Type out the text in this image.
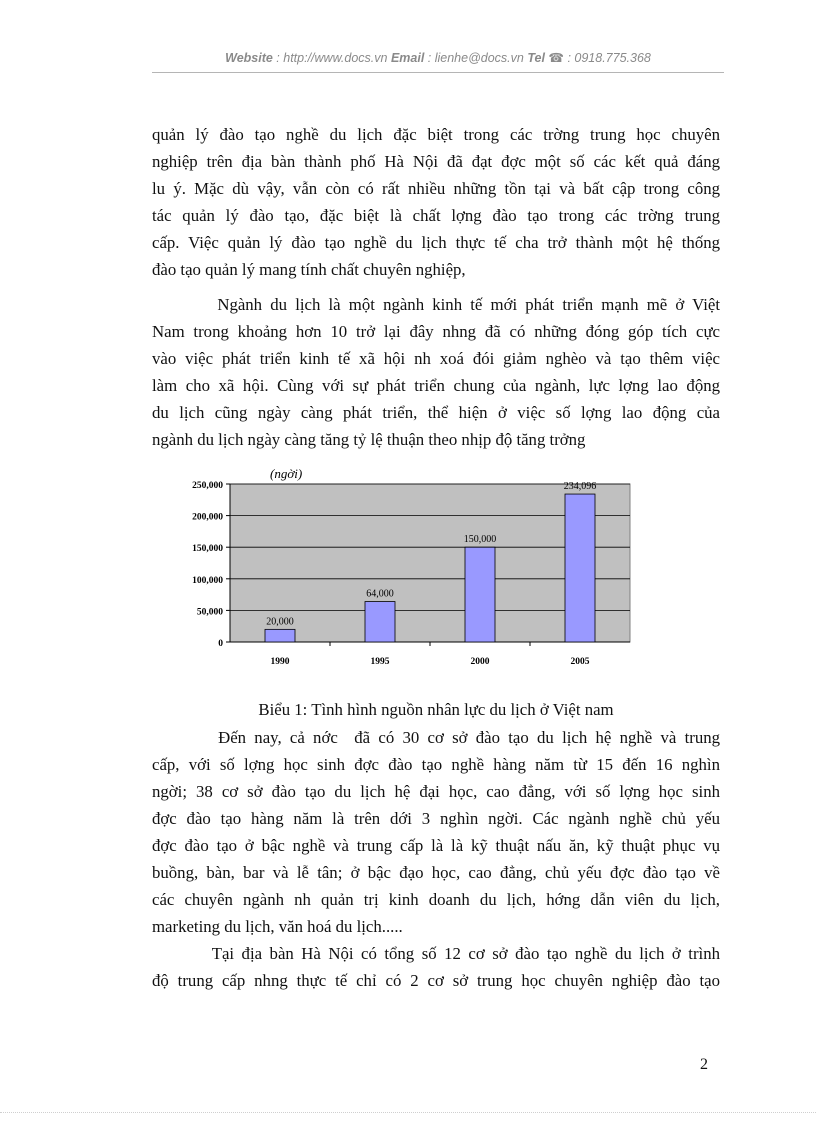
Website : http://www.docs.vn Email : lienhe@docs.vn Tel ☎ : 0918.775.368
quản lý đào tạo nghề du lịch đặc biệt trong các trờng trung học chuyên
nghiệp trên địa bàn thành phố Hà Nội đã đạt đợc một số các kết quả đáng
lu ý. Mặc dù vậy, vẫn còn có rất nhiều những tồn tại và bất cập trong công
tác quản lý đào tạo, đặc biệt là chất lợng đào tạo trong các trờng trung
cấp. Việc quản lý đào tạo nghề du lịch thực tế cha trở thành một hệ thống
đào tạo quản lý mang tính chất chuyên nghiệp,
Ngành du lịch là một ngành kinh tế mới phát triển mạnh mẽ ở Việt
Nam trong khoảng hơn 10 trở lại đây nhng đã có những đóng góp tích cực
vào việc phát triển kinh tế xã hội nh xoá đói giảm nghèo và tạo thêm việc
làm cho xã hội. Cùng với sự phát triển chung của ngành, lực lợng lao động
du lịch cũng ngày càng phát triển, thể hiện ở việc số lợng lao động của
ngành du lịch ngày càng tăng tỷ lệ thuận theo nhịp độ tăng trởng
0
50,000
100,000
150,000
200,000
250,000
20,000
1990
64,000
1995
150,000
2000
234,096
2005
(ngời)
Biểu 1: Tình hình nguồn nhân lực du lịch ở Việt nam
Đến nay, cả nớc  đã có 30 cơ sở đào tạo du lịch hệ nghề và trung
cấp, với số lợng học sinh đợc đào tạo nghề hàng năm từ 15 đến 16 nghìn
ngời; 38 cơ sở đào tạo du lịch hệ đại học, cao đẳng, với số lợng học sinh
đợc đào tạo hàng năm là trên dới 3 nghìn ngời. Các ngành nghề chủ yếu
đợc đào tạo ở bậc nghề và trung cấp là là kỹ thuật nấu ăn, kỹ thuật phục vụ
buồng, bàn, bar và lễ tân; ở bậc đạo học, cao đẳng, chủ yếu đợc đào tạo về
các chuyên ngành nh quản trị kinh doanh du lịch, hớng dẫn viên du lịch,
marketing du lịch, văn hoá du lịch.....
Tại địa bàn Hà Nội có tổng số 12 cơ sở đào tạo nghề du lịch ở trình
độ trung cấp nhng thực tế chỉ có 2 cơ sở trung học chuyên nghiệp đào tạo
2
